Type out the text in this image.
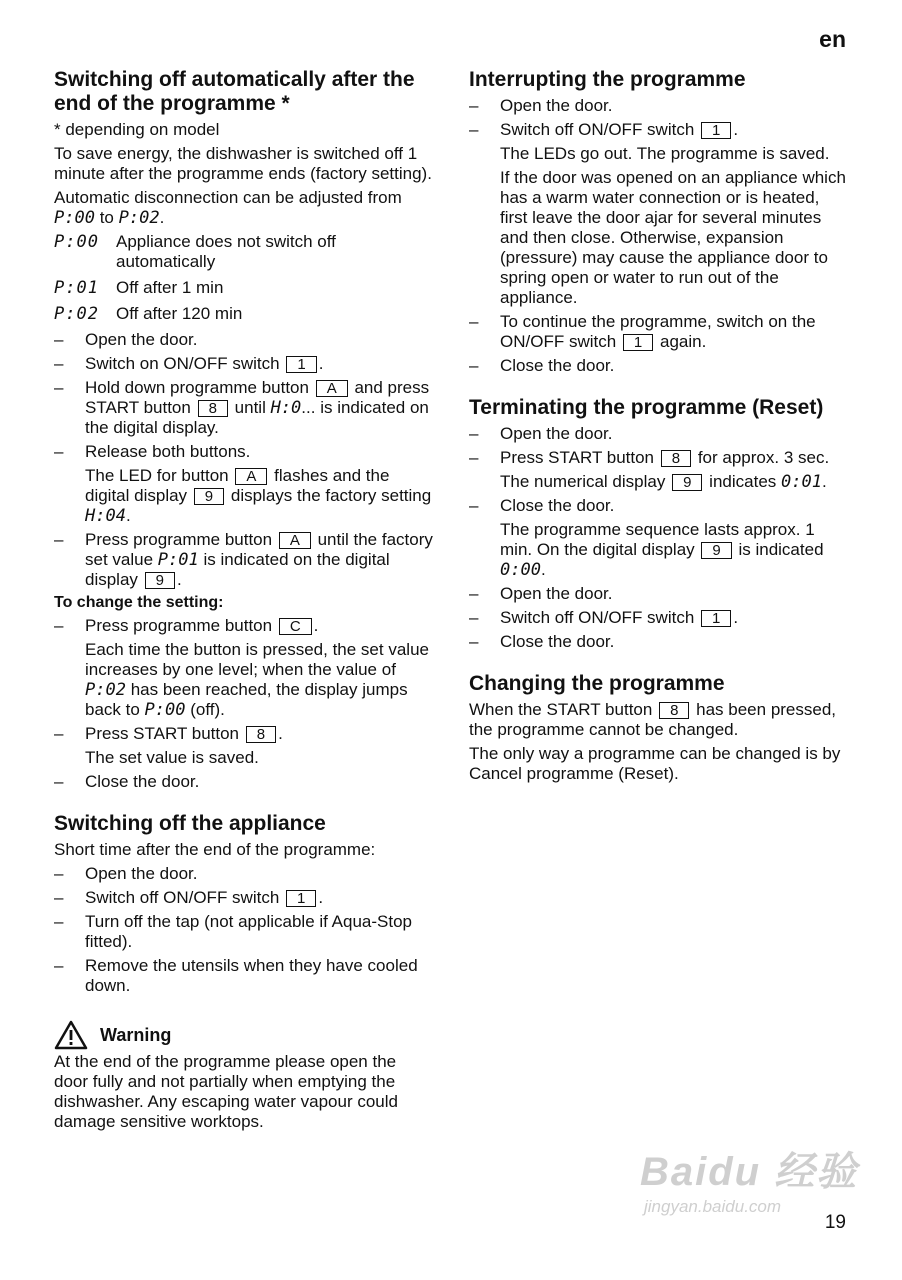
en
Switching off automatically after the end of the programme *

* depending on model

To save energy, the dishwasher is switched off 1 minute after the programme ends (factory setting).

Automatic disconnection can be adjusted from P:00 to P:02.

P:00	Appliance does not switch off automatically
P:01	Off after 1 min
P:02	Off after 120 min
–	Open the door.
–	Switch on ON/OFF switch 1 .
–	Hold down programme button A and press START button 8 until H:0... is indicated on the digital display.
–	Release both buttons.

The LED for button A flashes and the digital display 9 displays the factory setting H:04.

–	Press programme button A until the factory set value P:01 is indicated on the digital display 9 .
To change the setting:
–	Press programme button C .

Each time the button is pressed, the set value increases by one level; when the value of P:02 has been reached, the display jumps back to P:00 (off).

–	Press START button 8 .

The set value is saved.

–	Close the door.
Switching off the appliance

Short time after the end of the programme:

–	Open the door.
–	Switch off ON/OFF switch 1 .
–	Turn off the tap (not applicable if Aqua-Stop fitted).
–	Remove the utensils when they have cooled down.
Warning

At the end of the programme please open the door fully and not partially when emptying the dishwasher. Any escaping water vapour could damage sensitive worktops.

Interrupting the programme
–	Open the door.
–	Switch off ON/OFF switch 1 .

The LEDs go out. The programme is saved.

If the door was opened on an appliance which has a warm water connection or is heated, first leave the door ajar for several minutes and then close. Otherwise, expansion (pressure) may cause the appliance door to spring open or water to run out of the appliance.

–	To continue the programme, switch on the ON/OFF switch 1 again.
–	Close the door.
Terminating the programme (Reset)
–	Open the door.
–	Press START button 8 for approx. 3 sec.

The numerical display 9 indicates 0:01.

–	Close the door.

The programme sequence lasts approx. 1 min. On the digital display 9 is indicated 0:00.

–	Open the door.
–	Switch off ON/OFF switch 1 .
–	Close the door.
Changing the programme

When the START button 8 has been pressed, the programme cannot be changed.

The only way a programme can be changed is by Cancel programme (Reset).

Baidu 经验
jingyan.baidu.com
19
